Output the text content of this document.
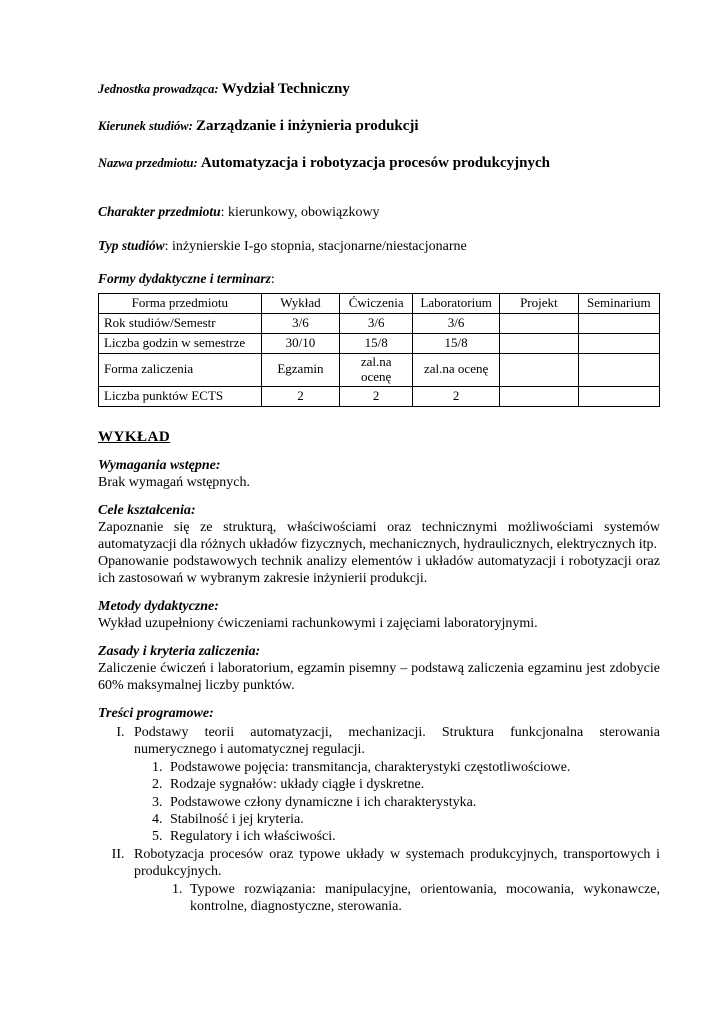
Jednostka prowadząca: Wydział Techniczny
Kierunek studiów: Zarządzanie i inżynieria produkcji
Nazwa przedmiotu: Automatyzacja i robotyzacja procesów produkcyjnych
Charakter przedmiotu: kierunkowy, obowiązkowy
Typ studiów: inżynierskie I-go stopnia, stacjonarne/niestacjonarne
Formy dydaktyczne i terminarz:
Forma przedmiotu	Wykład	Ćwiczenia	Laboratorium	Projekt	Seminarium
Rok studiów/Semestr	3/6	3/6	3/6		
Liczba godzin w semestrze	30/10	15/8	15/8		
Forma zaliczenia	Egzamin	zal.na ocenę	zal.na ocenę		
Liczba punktów ECTS	2	2	2		
WYKŁAD
Wymagania wstępne:

Brak wymagań wstępnych.

Cele kształcenia:

Zapoznanie się ze strukturą, właściwościami oraz technicznymi możliwościami systemów automatyzacji dla różnych układów fizycznych, mechanicznych, hydraulicznych, elektrycznych itp.

Opanowanie podstawowych technik analizy elementów i układów automatyzacji i robotyzacji oraz ich zastosowań w wybranym zakresie inżynierii produkcji.

Metody dydaktyczne:

Wykład uzupełniony ćwiczeniami rachunkowymi i zajęciami laboratoryjnymi.

Zasady i kryteria zaliczenia:

Zaliczenie ćwiczeń i laboratorium, egzamin pisemny – podstawą zaliczenia egzaminu jest zdobycie 60% maksymalnej liczby punktów.

Treści programowe:
I. Podstawy teorii automatyzacji, mechanizacji. Struktura funkcjonalna sterowania numerycznego i automatycznej regulacji.
1. Podstawowe pojęcia: transmitancja, charakterystyki częstotliwościowe.
2. Rodzaje sygnałów: układy ciągłe i dyskretne.
3. Podstawowe człony dynamiczne i ich charakterystyka.
4. Stabilność i jej kryteria.
5. Regulatory i ich właściwości.
II. Robotyzacja procesów oraz typowe układy w systemach produkcyjnych, transportowych i produkcyjnych.
1. Typowe rozwiązania: manipulacyjne, orientowania, mocowania, wykonawcze, kontrolne, diagnostyczne, sterowania.
